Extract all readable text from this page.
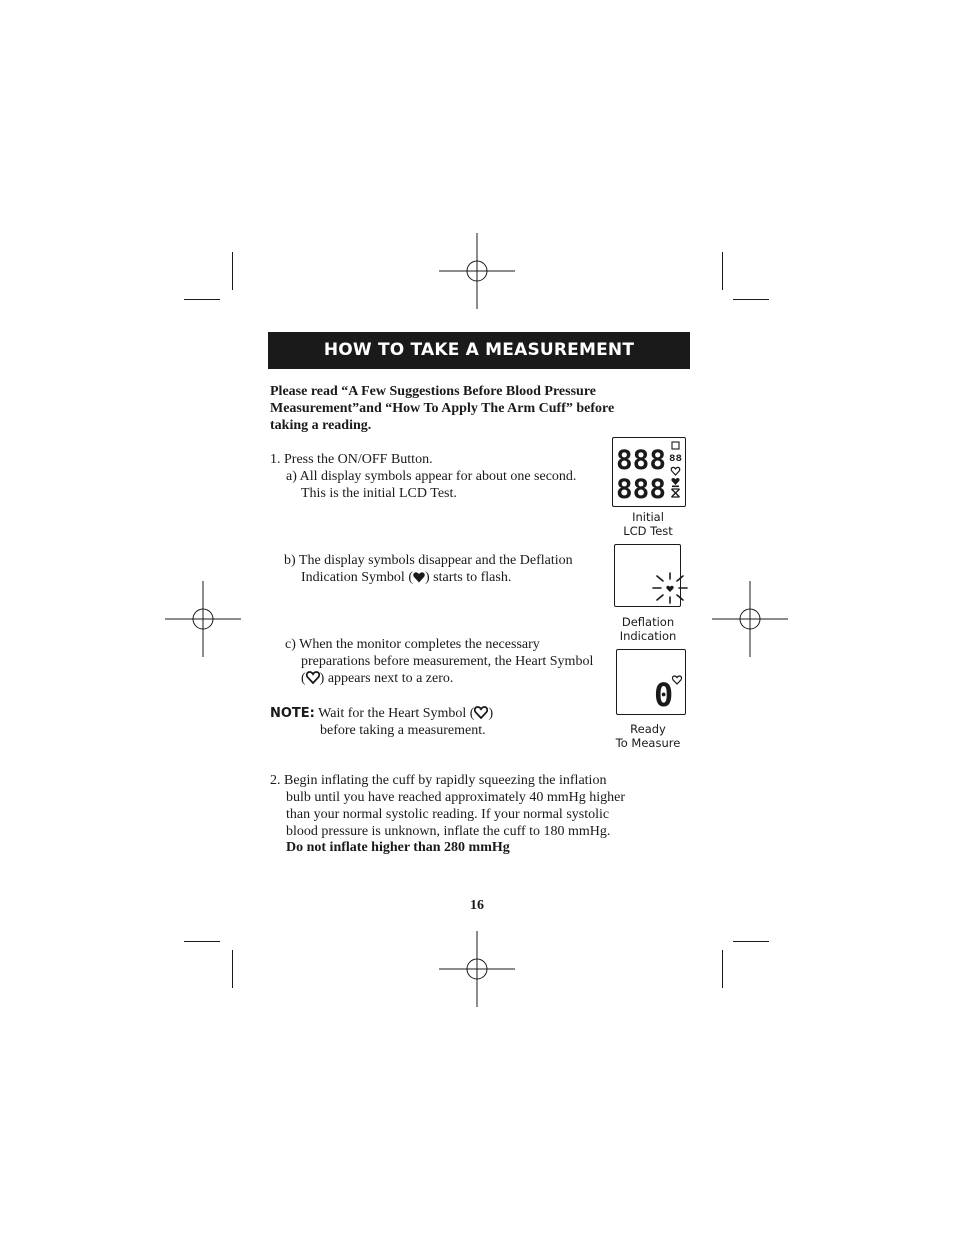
HOW TO TAKE A MEASUREMENT
Please read “A Few Suggestions Before Blood Pressure
Measurement”and “How To Apply The Arm Cuff” before
taking a reading.
1. Press the ON/OFF Button.
a) All display symbols appear for about one second.
This is the initial LCD Test.
b) The display symbols disappear and the Deflation
Indication Symbol ( ) starts to flash.
c) When the monitor completes the necessary
preparations before measurement, the Heart Symbol
( ) appears next to a zero.
NOTE: Wait for the Heart Symbol ( )
before taking a measurement.
2. Begin inflating the cuff by rapidly squeezing the inflation
bulb until you have reached approximately 40 mmHg higher
than your normal systolic reading. If your normal systolic
blood pressure is unknown, inflate the cuff to 180 mmHg.
Do not inflate higher than 280 mmHg
888
888
88
Initial
LCD Test
Deflation
Indication
0
Ready
To Measure
16
